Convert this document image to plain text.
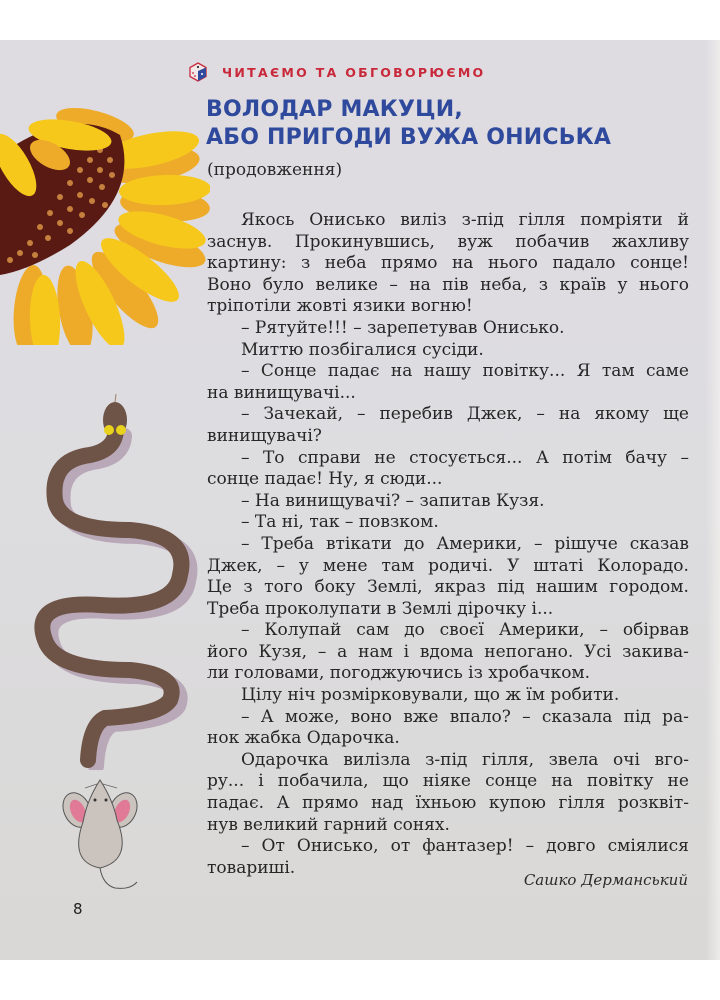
ЧИТАЄМО ТА ОБГОВОРЮЄМО
ВОЛОДАР МАКУЦИ,
АБО ПРИГОДИ ВУЖА ОНИСЬКА
(продовження)
Якось Онисько виліз з-під гілля помріяти й
заснув. Прокинувшись, вуж побачив жахливу
картину: з неба прямо на нього падало сонце!
Воно було велике – на пів неба, з країв у нього
тріпотіли жовті язики вогню!
– Рятуйте!!! – зарепетував Онисько.
Миттю позбігалися сусіди.
– Сонце падає на нашу повітку... Я там саме
на винищувачі...
– Зачекай, – перебив Джек, – на якому ще
винищувачі?
– То справи не стосується... А потім бачу –
сонце падає! Ну, я сюди...
– На винищувачі? – запитав Кузя.
– Та ні, так – повзком.
– Треба втікати до Америки, – рішуче сказав
Джек, – у мене там родичі. У штаті Колорадо.
Це з того боку Землі, якраз під нашим городом.
Треба проколупати в Землі дірочку і...
– Колупай сам до своєї Америки, – обірвав
його Кузя, – а нам і вдома непогано. Усі закива-
ли головами, погоджуючись із хробачком.
Цілу ніч розмірковували, що ж їм робити.
– А може, воно вже впало? – сказала під ра-
нок жабка Одарочка.
Одарочка вилізла з-під гілля, звела очі вго-
ру... і побачила, що ніяке сонце на повітку не
падає. А прямо над їхньою купою гілля розквіт-
нув великий гарний сонях.
– От Онисько, от фантазер! – довго сміялися
товариші.
Сашко Дерманський
8
